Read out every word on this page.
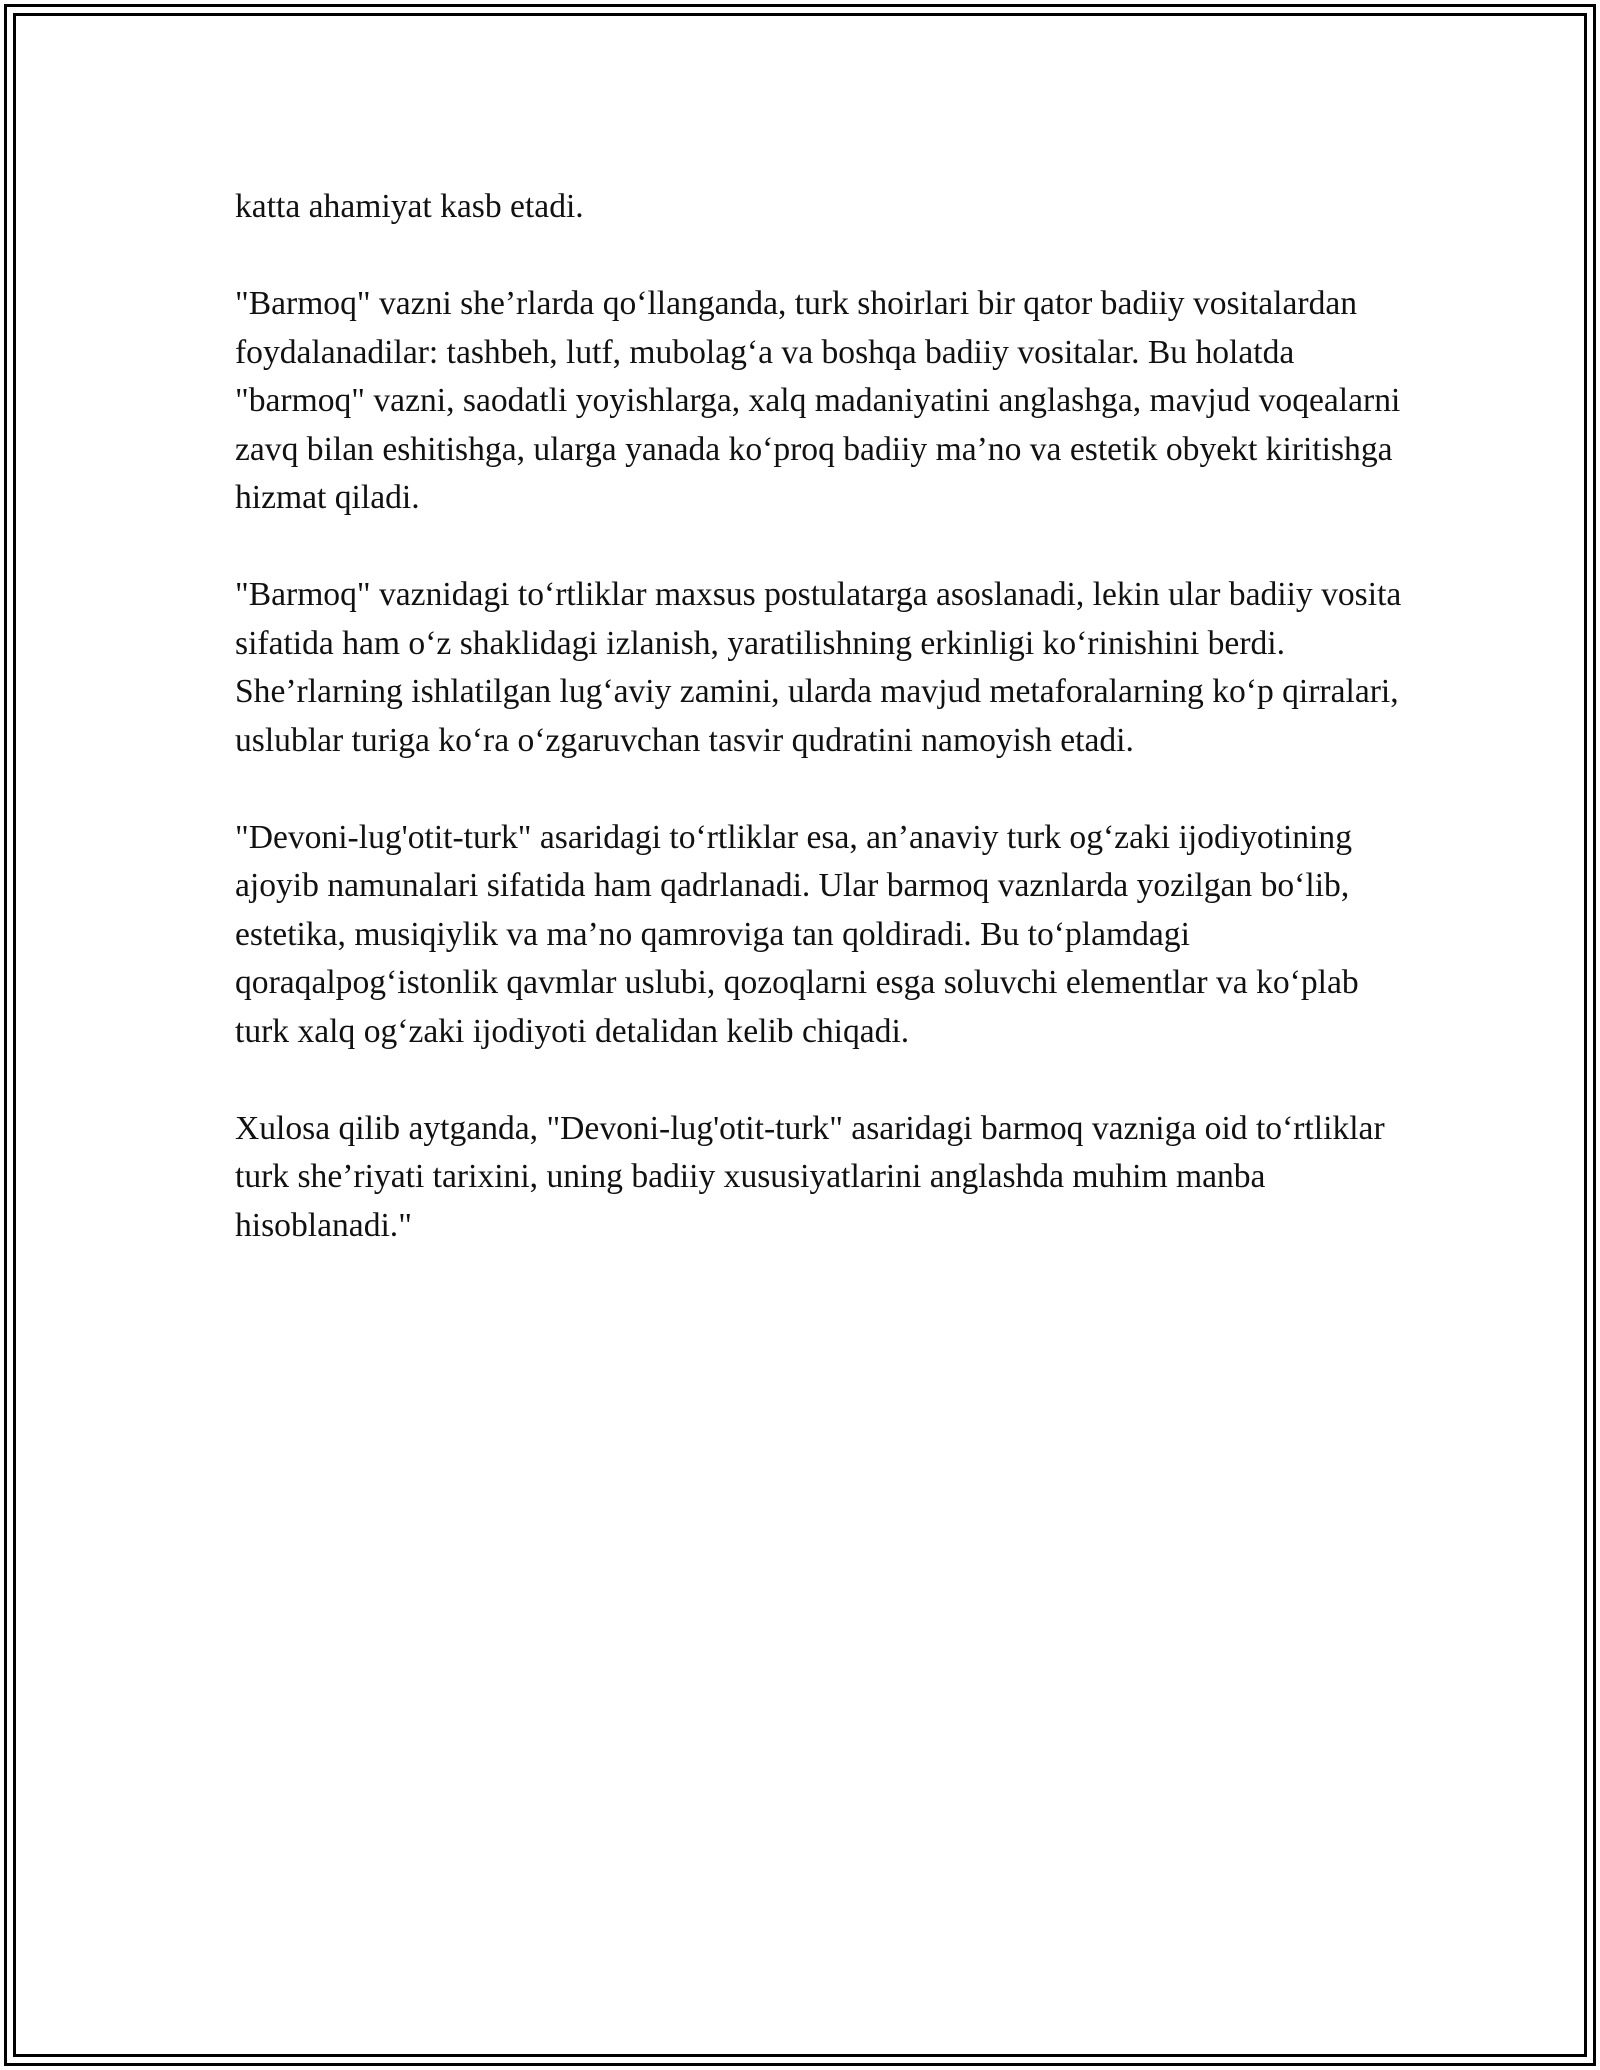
katta ahamiyat kasb etadi.

"Barmoq" vazni she’rlarda qo‘llanganda, turk shoirlari bir qator badiiy vositalardan foydalanadilar: tashbeh, lutf, mubolag‘a va boshqa badiiy vositalar. Bu holatda "barmoq" vazni, saodatli yoyishlarga, xalq madaniyatini anglashga, mavjud voqealarni zavq bilan eshitishga, ularga yanada ko‘proq badiiy ma’no va estetik obyekt kiritishga hizmat qiladi.

"Barmoq" vaznidagi to‘rtliklar maxsus postulatarga asoslanadi, lekin ular badiiy vosita sifatida ham o‘z shaklidagi izlanish, yaratilishning erkinligi ko‘rinishini berdi. She’rlarning ishlatilgan lug‘aviy zamini, ularda mavjud metaforalarning ko‘p qirralari, uslublar turiga ko‘ra o‘zgaruvchan tasvir qudratini namoyish etadi.

"Devoni-lug'otit-turk" asaridagi to‘rtliklar esa, an’anaviy turk og‘zaki ijodiyotining ajoyib namunalari sifatida ham qadrlanadi. Ular barmoq vaznlarda yozilgan bo‘lib, estetika, musiqiylik va ma’no qamroviga tan qoldiradi. Bu to‘plamdagi qoraqalpog‘istonlik qavmlar uslubi, qozoqlarni esga soluvchi elementlar va ko‘plab turk xalq og‘zaki ijodiyoti detalidan kelib chiqadi.

Xulosa qilib aytganda, "Devoni-lug'otit-turk" asaridagi barmoq vazniga oid to‘rtliklar turk she’riyati tarixini, uning badiiy xususiyatlarini anglashda muhim manba hisoblanadi."
